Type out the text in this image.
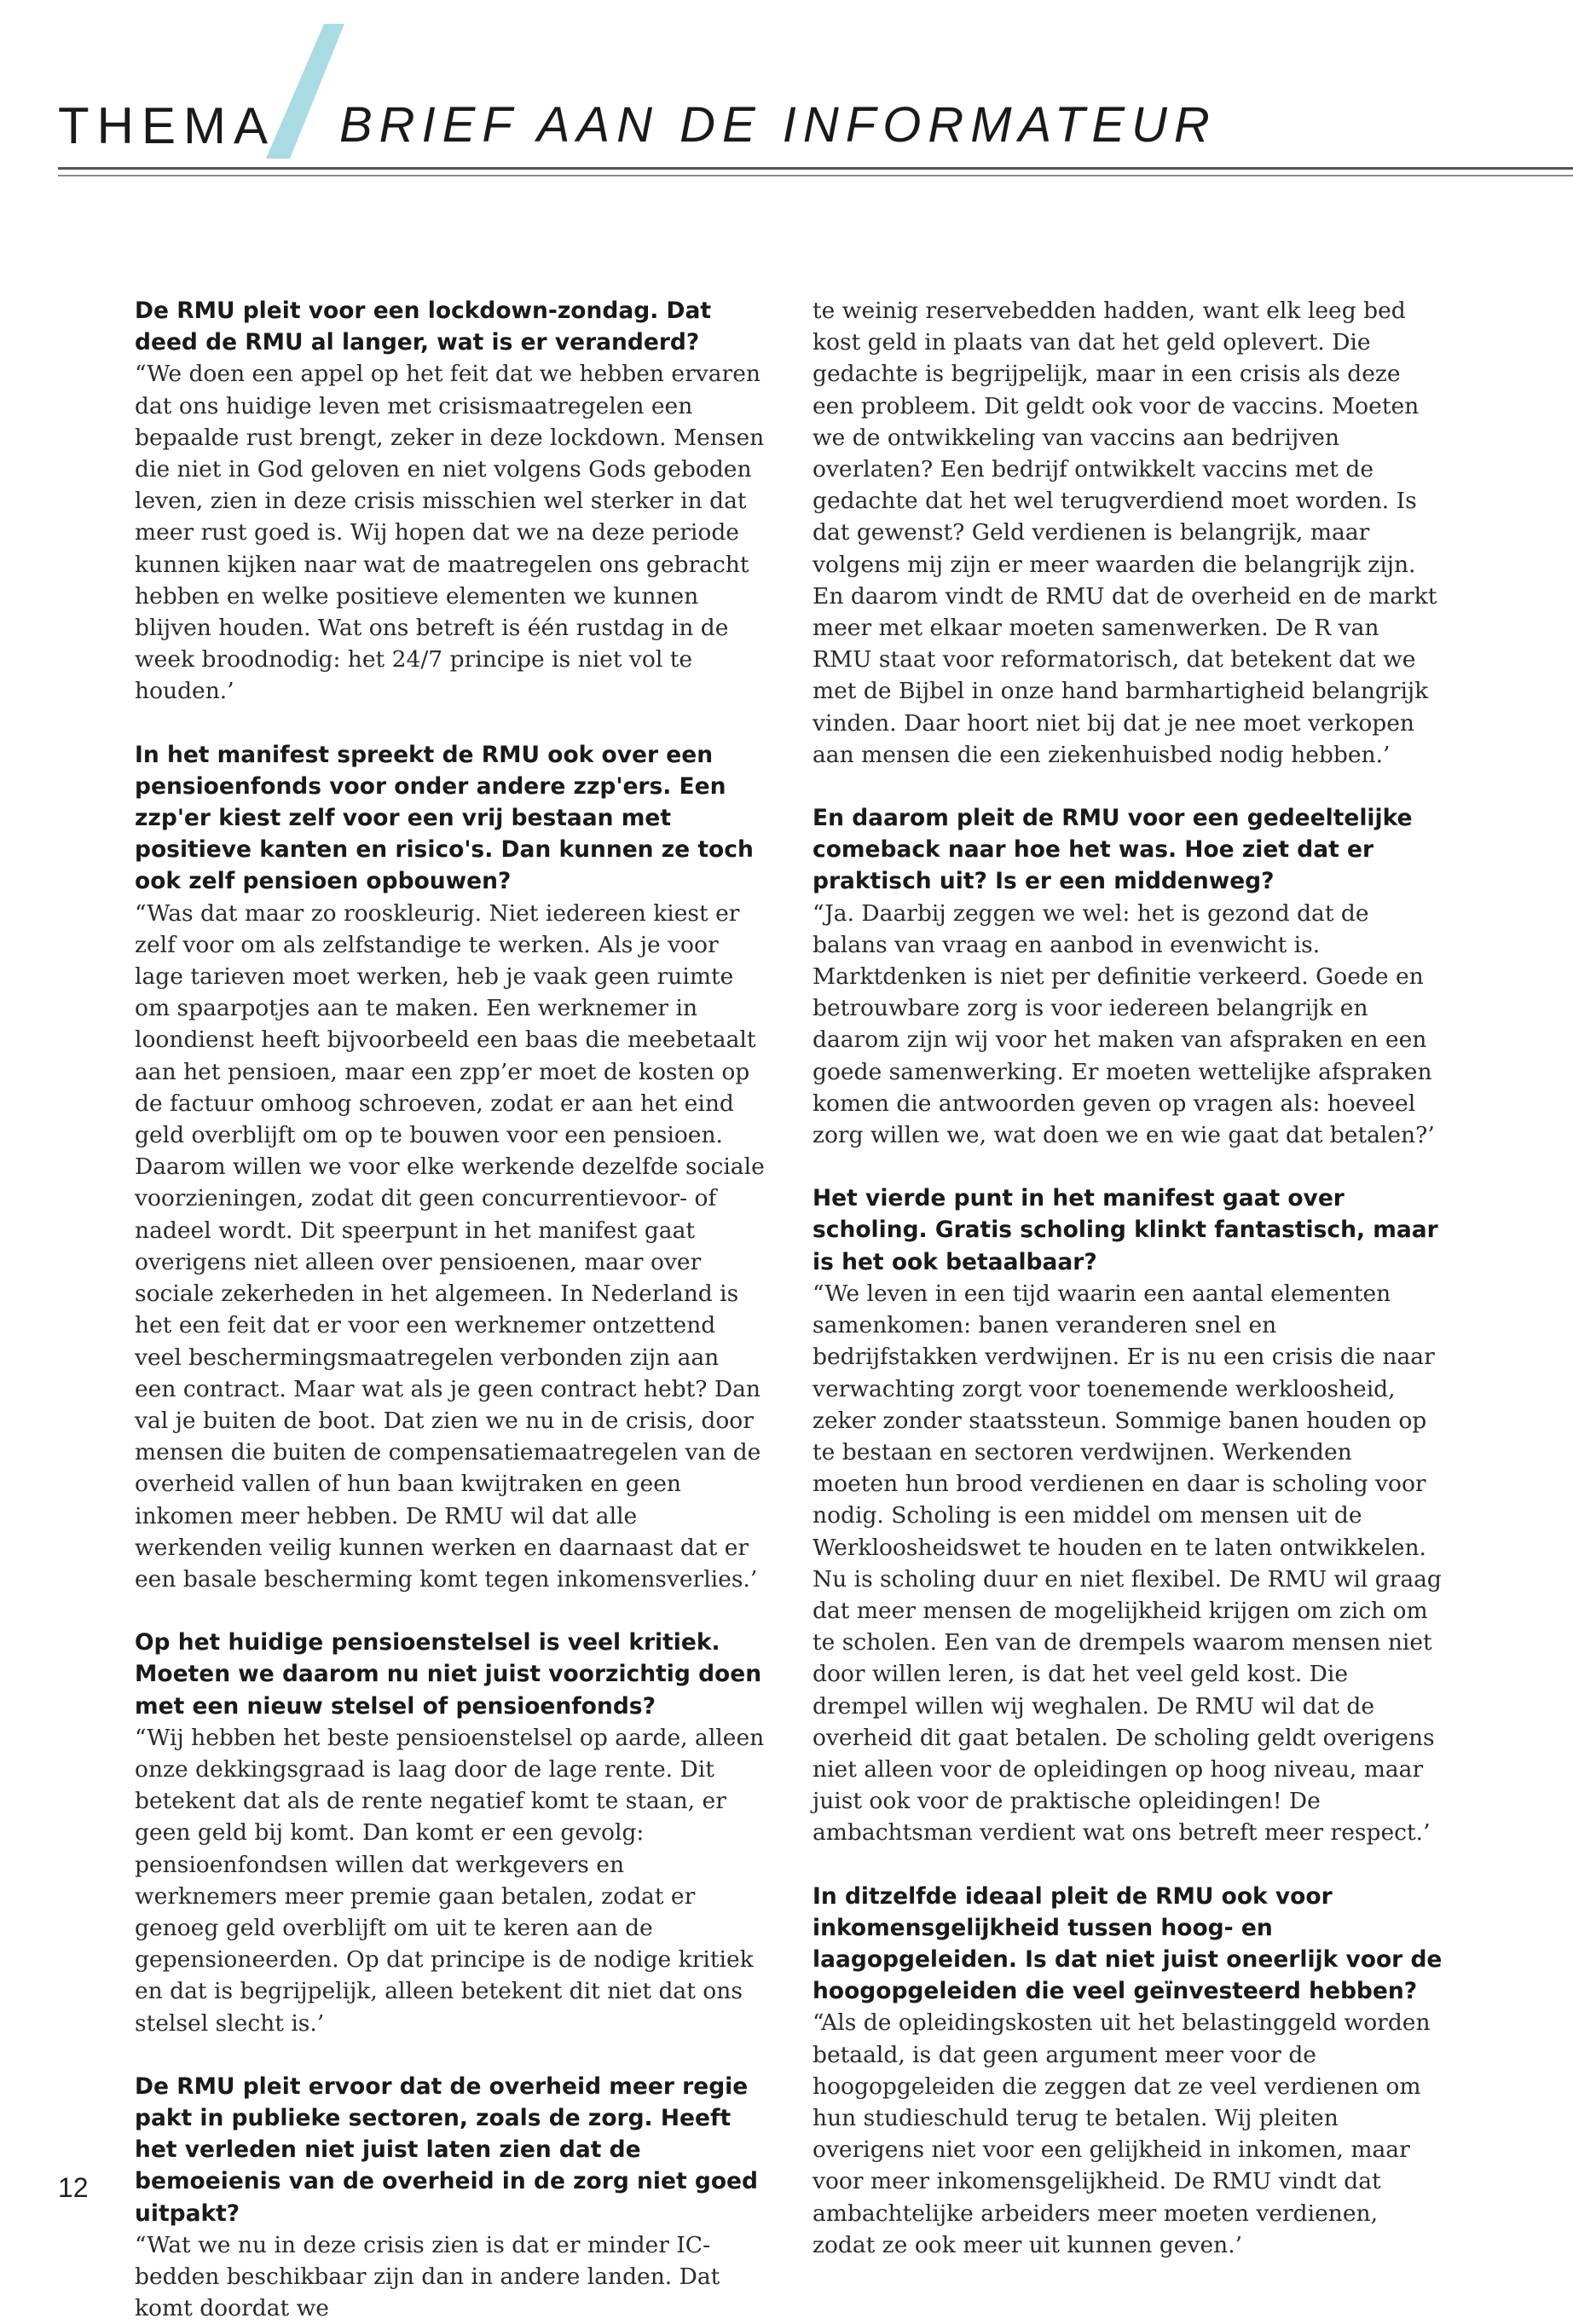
THEMA BRIEF AAN DE INFORMATEUR

De RMU pleit voor een lockdown-zondag. Dat deed de RMU al langer, wat is er veranderd?

“We doen een appel op het feit dat we hebben ervaren dat ons huidige leven met crisismaatregelen een bepaalde rust brengt, zeker in deze lockdown. Mensen die niet in God geloven en niet volgens Gods geboden leven, zien in deze crisis misschien wel sterker in dat meer rust goed is. Wij hopen dat we na deze periode kunnen kijken naar wat de maatregelen ons gebracht hebben en welke positieve elementen we kunnen blijven houden. Wat ons betreft is één rustdag in de week broodnodig: het 24/7 principe is niet vol te houden.’

In het manifest spreekt de RMU ook over een pensioenfonds voor onder andere zzp'ers. Een zzp'er kiest zelf voor een vrij bestaan met positieve kanten en risico's. Dan kunnen ze toch ook zelf pensioen opbouwen?

“Was dat maar zo rooskleurig. Niet iedereen kiest er zelf voor om als zelfstandige te werken. Als je voor lage tarieven moet werken, heb je vaak geen ruimte om spaarpotjes aan te maken. Een werknemer in loondienst heeft bijvoorbeeld een baas die meebetaalt aan het pensioen, maar een zpp’er moet de kosten op de factuur omhoog schroeven, zodat er aan het eind geld overblijft om op te bouwen voor een pensioen. Daarom willen we voor elke werkende dezelfde sociale voorzieningen, zodat dit geen concurrentievoor- of nadeel wordt. Dit speerpunt in het manifest gaat overigens niet alleen over pensioenen, maar over sociale zekerheden in het algemeen. In Nederland is het een feit dat er voor een werknemer ontzettend veel beschermingsmaatregelen verbonden zijn aan een contract. Maar wat als je geen contract hebt? Dan val je buiten de boot. Dat zien we nu in de crisis, door mensen die buiten de compensatiemaatregelen van de overheid vallen of hun baan kwijtraken en geen inkomen meer hebben. De RMU wil dat alle werkenden veilig kunnen werken en daarnaast dat er een basale bescherming komt tegen inkomensverlies.’

Op het huidige pensioenstelsel is veel kritiek. Moeten we daarom nu niet juist voorzichtig doen met een nieuw stelsel of pensioenfonds?

“Wij hebben het beste pensioenstelsel op aarde, alleen onze dekkingsgraad is laag door de lage rente. Dit betekent dat als de rente negatief komt te staan, er geen geld bij komt. Dan komt er een gevolg: pensioenfondsen willen dat werkgevers en werknemers meer premie gaan betalen, zodat er genoeg geld overblijft om uit te keren aan de gepensioneerden. Op dat principe is de nodige kritiek en dat is begrijpelijk, alleen betekent dit niet dat ons stelsel slecht is.’

De RMU pleit ervoor dat de overheid meer regie pakt in publieke sectoren, zoals de zorg. Heeft het verleden niet juist laten zien dat de bemoeienis van de overheid in de zorg niet goed uitpakt?

“Wat we nu in deze crisis zien is dat er minder IC-bedden beschikbaar zijn dan in andere landen. Dat komt doordat we

te weinig reservebedden hadden, want elk leeg bed kost geld in plaats van dat het geld oplevert. Die gedachte is begrijpelijk, maar in een crisis als deze een probleem. Dit geldt ook voor de vaccins. Moeten we de ontwikkeling van vaccins aan bedrijven overlaten? Een bedrijf ontwikkelt vaccins met de gedachte dat het wel terugverdiend moet worden. Is dat gewenst? Geld verdienen is belangrijk, maar volgens mij zijn er meer waarden die belangrijk zijn. En daarom vindt de RMU dat de overheid en de markt meer met elkaar moeten samenwerken. De R van RMU staat voor reformatorisch, dat betekent dat we met de Bijbel in onze hand barmhartigheid belangrijk vinden. Daar hoort niet bij dat je nee moet verkopen aan mensen die een ziekenhuisbed nodig hebben.’

En daarom pleit de RMU voor een gedeeltelijke comeback naar hoe het was. Hoe ziet dat er praktisch uit? Is er een middenweg?

“Ja. Daarbij zeggen we wel: het is gezond dat de balans van vraag en aanbod in evenwicht is. Marktdenken is niet per definitie verkeerd. Goede en betrouwbare zorg is voor iedereen belangrijk en daarom zijn wij voor het maken van afspraken en een goede samenwerking. Er moeten wettelijke afspraken komen die antwoorden geven op vragen als: hoeveel zorg willen we, wat doen we en wie gaat dat betalen?’

Het vierde punt in het manifest gaat over scholing. Gratis scholing klinkt fantastisch, maar is het ook betaalbaar?

“We leven in een tijd waarin een aantal elementen samenkomen: banen veranderen snel en bedrijfstakken verdwijnen. Er is nu een crisis die naar verwachting zorgt voor toenemende werkloosheid, zeker zonder staatssteun. Sommige banen houden op te bestaan en sectoren verdwijnen. Werkenden moeten hun brood verdienen en daar is scholing voor nodig. Scholing is een middel om mensen uit de Werkloosheidswet te houden en te laten ontwikkelen. Nu is scholing duur en niet flexibel. De RMU wil graag dat meer mensen de mogelijkheid krijgen om zich om te scholen. Een van de drempels waarom mensen niet door willen leren, is dat het veel geld kost. Die drempel willen wij weghalen. De RMU wil dat de overheid dit gaat betalen. De scholing geldt overigens niet alleen voor de opleidingen op hoog niveau, maar juist ook voor de praktische opleidingen! De ambachtsman verdient wat ons betreft meer respect.’

In ditzelfde ideaal pleit de RMU ook voor inkomensgelijkheid tussen hoog- en laagopgeleiden. Is dat niet juist oneerlijk voor de hoogopgeleiden die veel geïnvesteerd hebben?

“Als de opleidingskosten uit het belastinggeld worden betaald, is dat geen argument meer voor de hoogopgeleiden die zeggen dat ze veel verdienen om hun studieschuld terug te betalen. Wij pleiten overigens niet voor een gelijkheid in inkomen, maar voor meer inkomensgelijkheid. De RMU vindt dat ambachtelijke arbeiders meer moeten verdienen, zodat ze ook meer uit kunnen geven.’

12
